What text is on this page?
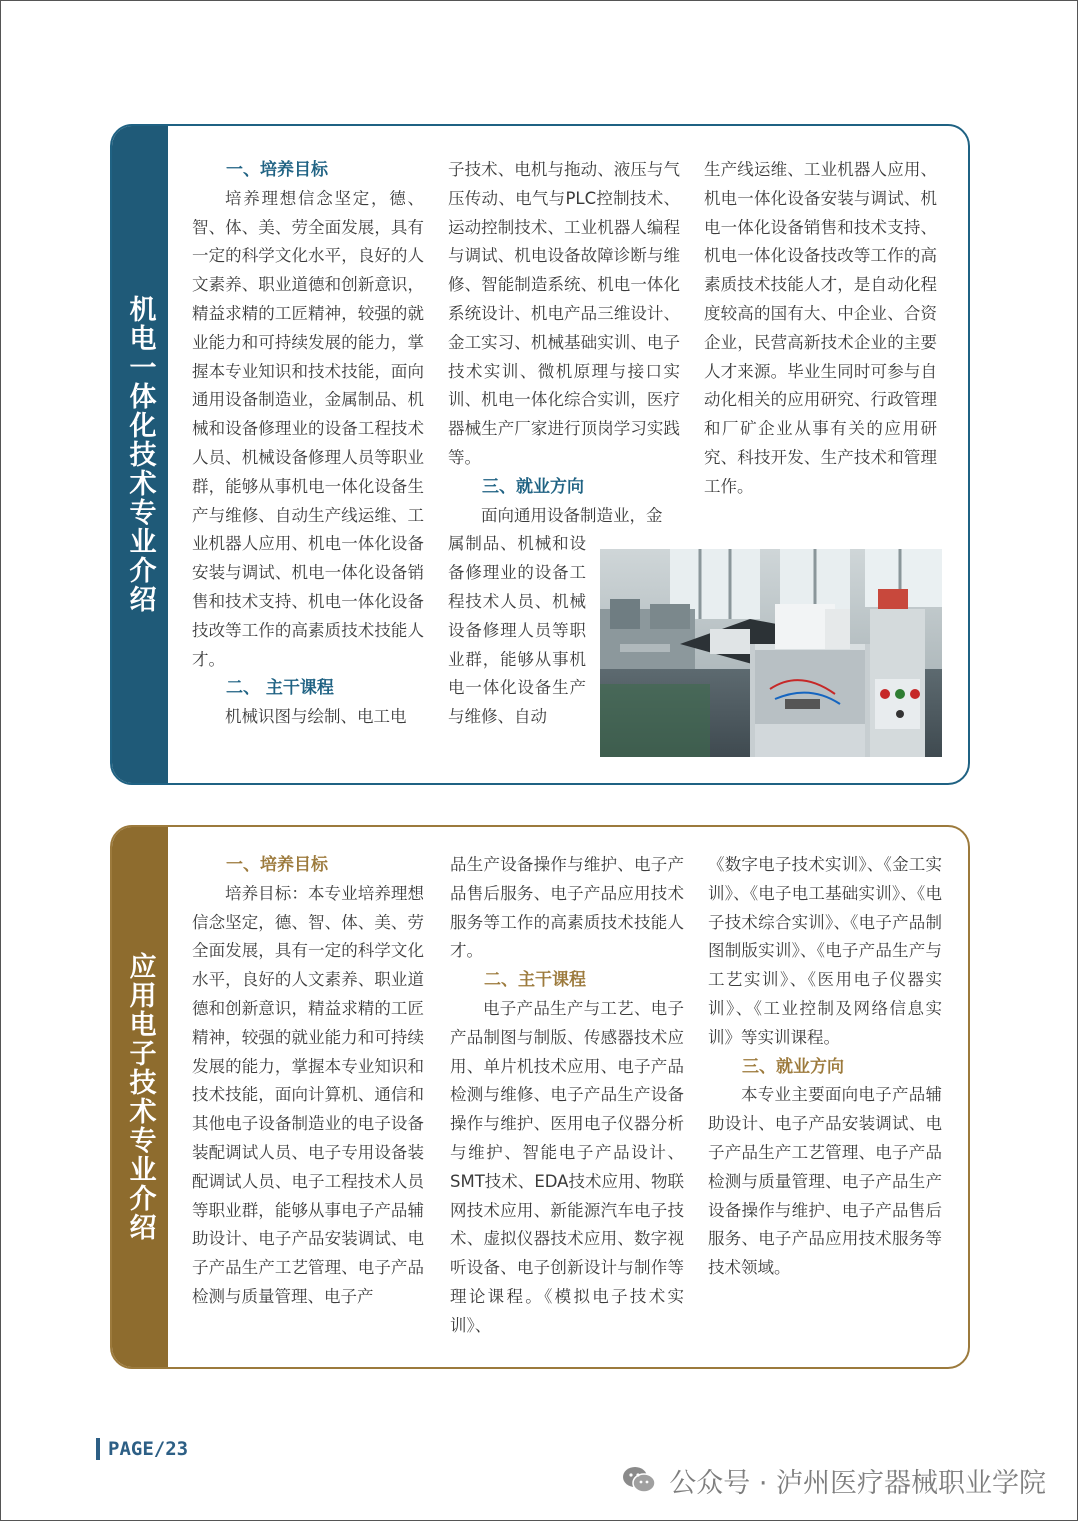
机电一体化技术专业介绍
一、培养目标

培养理想信念坚定，德、智、体、美、劳全面发展，具有一定的科学文化水平，良好的人文素养、职业道德和创新意识，精益求精的工匠精神，较强的就业能力和可持续发展的能力，掌握本专业知识和技术技能，面向通用设备制造业，金属制品、机械和设备修理业的设备工程技术人员、机械设备修理人员等职业群，能够从事机电一体化设备生产与维修、自动生产线运维、工业机器人应用、机电一体化设备安装与调试、机电一体化设备销售和技术支持、机电一体化设备技改等工作的高素质技术技能人才。

二、 主干课程

机械识图与绘制、电工电

子技术、电机与拖动、液压与气压传动、电气与PLC控制技术、运动控制技术、工业机器人编程与调试、机电设备故障诊断与维修、智能制造系统、机电一体化系统设计、机电产品三维设计、金工实习、机械基础实训、电子技术实训、微机原理与接口实训、机电一体化综合实训，医疗器械生产厂家进行顶岗学习实践等。

三、就业方向

面向通用设备制造业，金

属制品、机械和设备修理业的设备工程技术人员、机械设备修理人员等职业群，能够从事机电一体化设备生产与维修、自动

生产线运维、工业机器人应用、机电一体化设备安装与调试、机电一体化设备销售和技术支持、机电一体化设备技改等工作的高素质技术技能人才，是自动化程度较高的国有大、中企业、合资企业，民营高新技术企业的主要人才来源。毕业生同时可参与自动化相关的应用研究、行政管理和厂矿企业从事有关的应用研究、科技开发、生产技术和管理工作。

应用电子技术专业介绍
一、培养目标

培养目标：本专业培养理想信念坚定，德、智、体、美、劳全面发展，具有一定的科学文化水平，良好的人文素养、职业道德和创新意识，精益求精的工匠精神，较强的就业能力和可持续发展的能力，掌握本专业知识和技术技能，面向计算机、通信和其他电子设备制造业的电子设备装配调试人员、电子专用设备装配调试人员、电子工程技术人员等职业群，能够从事电子产品辅助设计、电子产品安装调试、电子产品生产工艺管理、电子产品检测与质量管理、电子产

品生产设备操作与维护、电子产品售后服务、电子产品应用技术服务等工作的高素质技术技能人才。

二、主干课程

电子产品生产与工艺、电子产品制图与制版、传感器技术应用、单片机技术应用、电子产品检测与维修、电子产品生产设备操作与维护、医用电子仪器分析与维护、智能电子产品设计、SMT技术、EDA技术应用、物联网技术应用、新能源汽车电子技术、虚拟仪器技术应用、数字视听设备、电子创新设计与制作等理论课程。《模拟电子技术实训》、

《数字电子技术实训》、《金工实训》、《电子电工基础实训》、《电子技术综合实训》、《电子产品制图制版实训》、《电子产品生产与工艺实训》、《医用电子仪器实训》、《工业控制及网络信息实训》等实训课程。

三、就业方向

本专业主要面向电子产品辅助设计、电子产品安装调试、电子产品生产工艺管理、电子产品检测与质量管理、电子产品生产设备操作与维护、电子产品售后服务、电子产品应用技术服务等技术领域。

PAGE/23
公众号 · 泸州医疗器械职业学院
